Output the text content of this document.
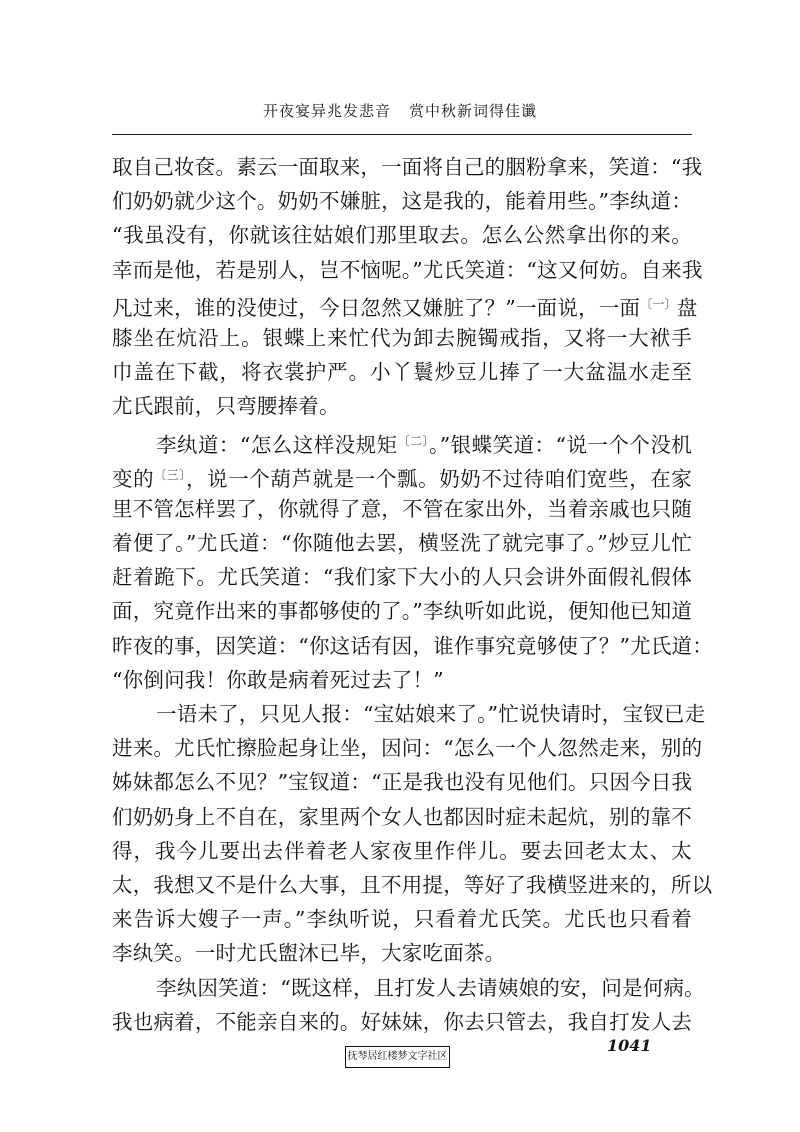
开夜宴异兆发悲音 赏中秋新词得佳谶
取自己妆奁。素云一面取来，一面将自己的胭粉拿来，笑道：“我
们奶奶就少这个。奶奶不嫌脏，这是我的，能着用些。”李纨道：
“我虽没有，你就该往姑娘们那里取去。怎么公然拿出你的来。
幸而是他，若是别人，岂不恼呢。”尤氏笑道：“这又何妨。自来我
凡过来，谁的没使过，今日忽然又嫌脏了？”一面说，一面$^{〔一〕}$盘
膝坐在炕沿上。银蝶上来忙代为卸去腕镯戒指，又将一大袱手
巾盖在下截，将衣裳护严。小丫鬟炒豆儿捧了一大盆温水走至
尤氏跟前，只弯腰捧着。
李纨道：“怎么这样没规矩$^{〔二〕}$。”银蝶笑道：“说一个个没机
变的$^{〔三〕}$，说一个葫芦就是一个瓢。奶奶不过待咱们宽些，在家
里不管怎样罢了，你就得了意，不管在家出外，当着亲戚也只随
着便了。”尤氏道：“你随他去罢，横竖洗了就完事了。”炒豆儿忙
赶着跪下。尤氏笑道：“我们家下大小的人只会讲外面假礼假体
面，究竟作出来的事都够使的了。”李纨听如此说，便知他已知道
昨夜的事，因笑道：“你这话有因，谁作事究竟够使了？”尤氏道：
“你倒问我！你敢是病着死过去了！”
一语未了，只见人报：“宝姑娘来了。”忙说快请时，宝钗已走
进来。尤氏忙擦脸起身让坐，因问：“怎么一个人忽然走来，别的
姊妹都怎么不见？”宝钗道：“正是我也没有见他们。只因今日我
们奶奶身上不自在，家里两个女人也都因时症未起炕，别的靠不
得，我今儿要出去伴着老人家夜里作伴儿。要去回老太太、太
太，我想又不是什么大事，且不用提，等好了我横竖进来的，所以
来告诉大嫂子一声。”李纨听说，只看着尤氏笑。尤氏也只看着
李纨笑。一时尤氏盥沐已毕，大家吃面茶。
李纨因笑道：“既这样，且打发人去请姨娘的安，问是何病。
我也病着，不能亲自来的。好妹妹，你去只管去，我自打发人去
抚琴居红楼梦文字社区
1041
